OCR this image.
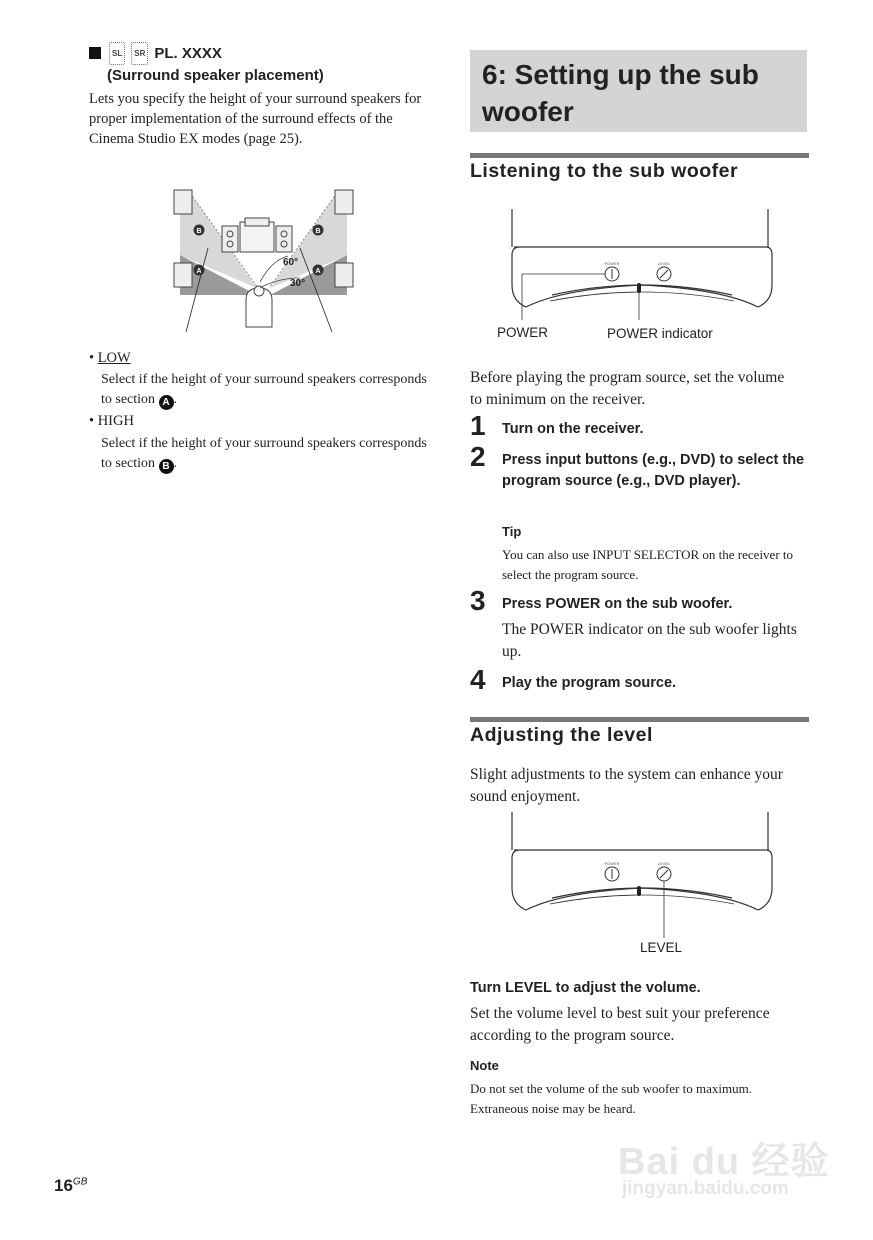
SL SR PL. XXXX
(Surround speaker placement)
Lets you specify the height of your surround speakers for proper implementation of the surround effects of the Cinema Studio EX modes (page 25).
60°
30°
B	B
A	A
• LOW
Select if the height of your surround speakers corresponds to section A .
• HIGH
Select if the height of your surround speakers corresponds to section B .
6: Setting up the sub
woofer
Listening to the sub woofer
POWER	LEVEL
POWER	POWER indicator
Before playing the program source, set the volume to minimum on the receiver.
1 Turn on the receiver.
2 Press input buttons (e.g., DVD) to select the program source (e.g., DVD player).
Tip
You can also use INPUT SELECTOR on the receiver to select the program source.
3 Press POWER on the sub woofer.
The POWER indicator on the sub woofer lights up.
4 Play the program source.
Adjusting the level
Slight adjustments to the system can enhance your sound enjoyment.
POWER	LEVEL
LEVEL
Turn LEVEL to adjust the volume.
Set the volume level to best suit your preference according to the program source.
Note
Do not set the volume of the sub woofer to maximum. Extraneous noise may be heard.
$16^{GB}$	Bai du 经验
jingyan.baidu.com
